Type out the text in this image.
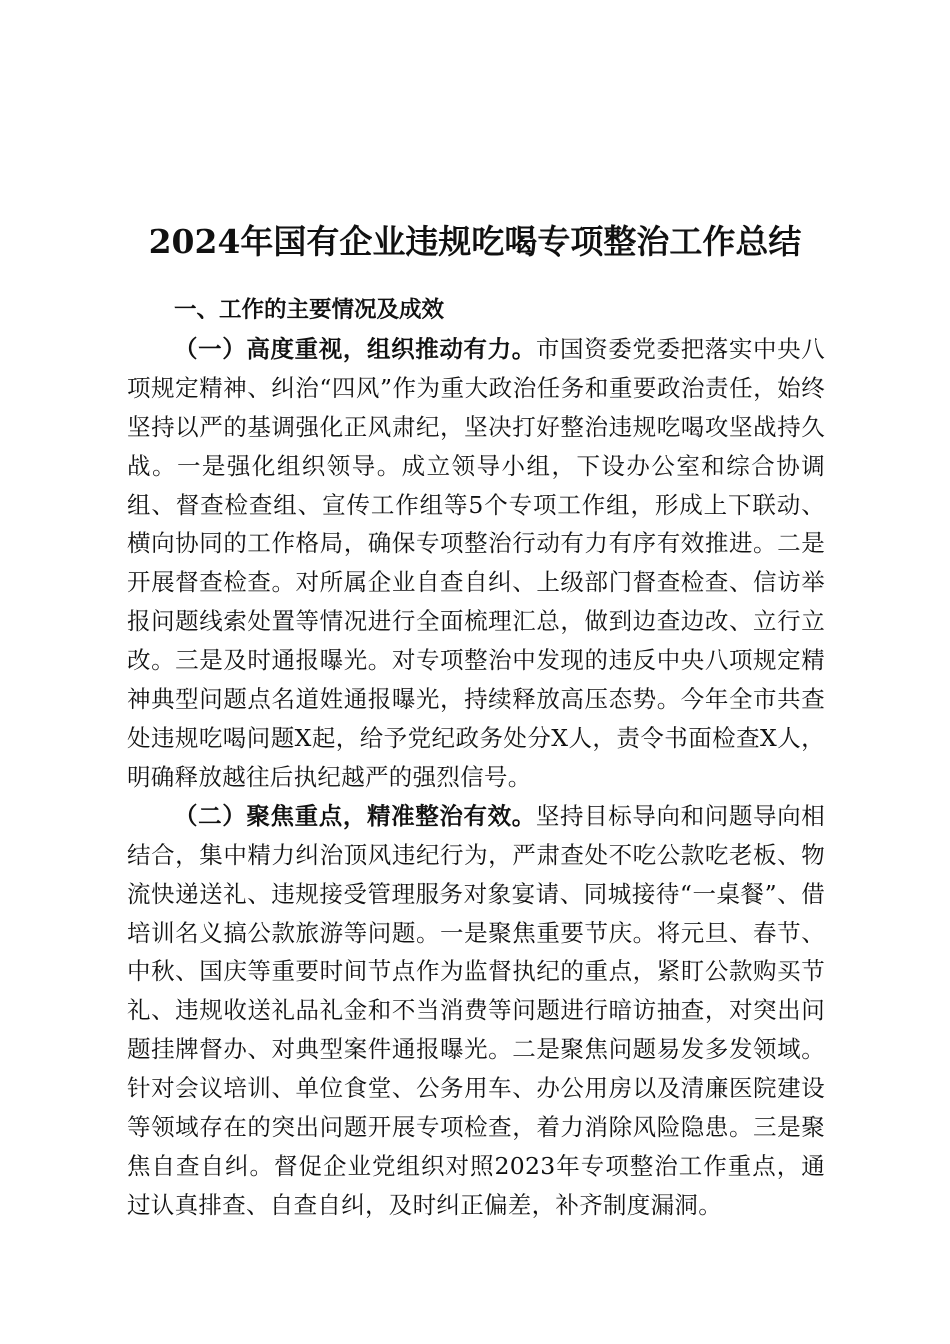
2024年国有企业违规吃喝专项整治工作总结
一、工作的主要情况及成效

（一）高度重视，组织推动有力。市国资委党委把落实中央八项规定精神、纠治“四风”作为重大政治任务和重要政治责任，始终坚持以严的基调强化正风肃纪，坚决打好整治违规吃喝攻坚战持久战。一是强化组织领导。成立领导小组，下设办公室和综合协调组、督查检查组、宣传工作组等5个专项工作组，形成上下联动、横向协同的工作格局，确保专项整治行动有力有序有效推进。二是开展督查检查。对所属企业自查自纠、上级部门督查检查、信访举报问题线索处置等情况进行全面梳理汇总，做到边查边改、立行立改。三是及时通报曝光。对专项整治中发现的违反中央八项规定精神典型问题点名道姓通报曝光，持续释放高压态势。今年全市共查处违规吃喝问题X起，给予党纪政务处分X人，责令书面检查X人，明确释放越往后执纪越严的强烈信号。

（二）聚焦重点，精准整治有效。坚持目标导向和问题导向相结合，集中精力纠治顶风违纪行为，严肃查处不吃公款吃老板、物流快递送礼、违规接受管理服务对象宴请、同城接待“一桌餐”、借培训名义搞公款旅游等问题。一是聚焦重要节庆。将元旦、春节、中秋、国庆等重要时间节点作为监督执纪的重点，紧盯公款购买节礼、违规收送礼品礼金和不当消费等问题进行暗访抽查，对突出问题挂牌督办、对典型案件通报曝光。二是聚焦问题易发多发领域。针对会议培训、单位食堂、公务用车、办公用房以及清廉医院建设等领域存在的突出问题开展专项检查，着力消除风险隐患。三是聚焦自查自纠。督促企业党组织对照2023年专项整治工作重点，通过认真排查、自查自纠，及时纠正偏差，补齐制度漏洞。
